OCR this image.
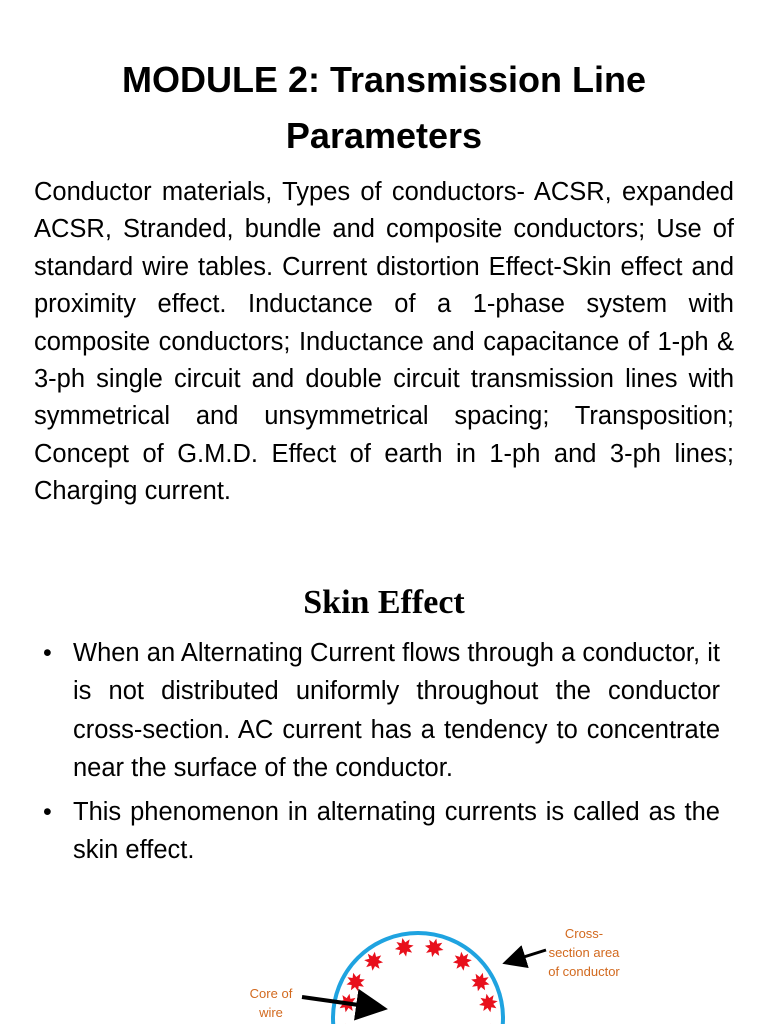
MODULE 2: Transmission Line
Parameters
Conductor materials, Types of conductors- ACSR, expanded ACSR, Stranded, bundle and composite conductors; Use of standard wire tables. Current distortion Effect-Skin effect and proximity effect. Inductance of a 1-phase system with composite conductors; Inductance and capacitance of 1-ph & 3-ph single circuit and double circuit transmission lines with symmetrical and unsymmetrical spacing; Transposition; Concept of G.M.D. Effect of earth in 1-ph and 3-ph lines; Charging current.
Skin Effect
• When an Alternating Current flows through a conductor, it is not distributed uniformly throughout the conductor cross-section. AC current has a tendency to concentrate near the surface of the conductor.
• This phenomenon in alternating currents is called as the skin effect.
Core of wire
Cross-section area of conductor
